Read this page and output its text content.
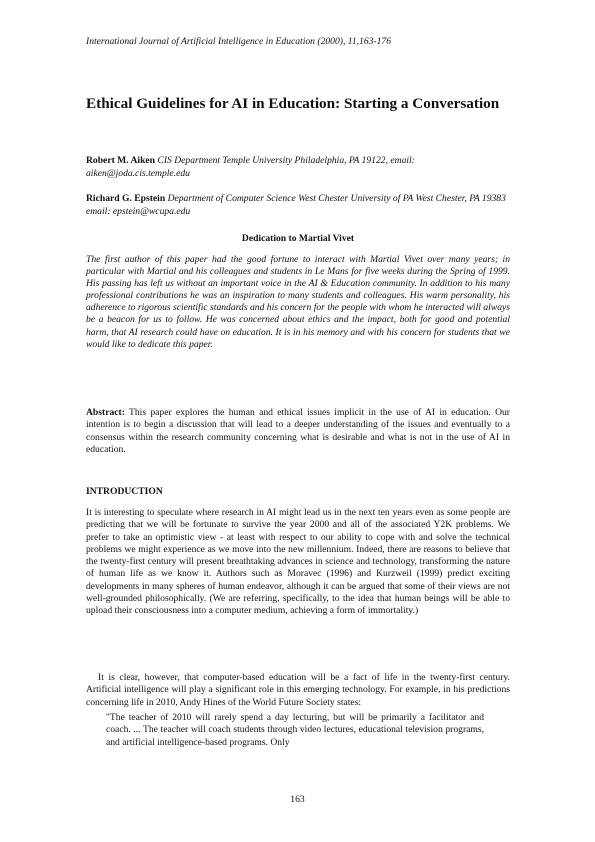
International Journal of Artificial Intelligence in Education (2000), 11,163-176
Ethical Guidelines for AI in Education: Starting a Conversation
Robert M. Aiken CIS Department Temple University Philadelphia, PA 19122, email: aiken@joda.cis.temple.edu
Richard G. Epstein Department of Computer Science West Chester University of PA West Chester, PA 19383 email: epstein@wcupa.edu
Dedication to Martial Vivet

The first author of this paper had the good fortune to interact with Martial Vivet over many years; in particular with Martial and his colleagues and students in Le Mans for five weeks during the Spring of 1999. His passing has left us without an important voice in the AI & Education community. In addition to his many professional contributions he was an inspiration to many students and colleagues. His warm personality, his adherence to rigorous scientific standards and his concern for the people with whom he interacted will always be a beacon for us to follow. He was concerned about ethics and the impact, both for good and potential harm, that AI research could have on education. It is in his memory and with his concern for students that we would like to dedicate this paper.

Abstract: This paper explores the human and ethical issues implicit in the use of AI in education. Our intention is to begin a discussion that will lead to a deeper understanding of the issues and eventually to a consensus within the research community concerning what is desirable and what is not in the use of AI in education.

INTRODUCTION

It is interesting to speculate where research in AI might lead us in the next ten years even as some people are predicting that we will be fortunate to survive the year 2000 and all of the associated Y2K problems. We prefer to take an optimistic view - at least with respect to our ability to cope with and solve the technical problems we might experience as we move into the new millennium. Indeed, there are reasons to believe that the twenty-first century will present breathtaking advances in science and technology, transforming the nature of human life as we know it. Authors such as Moravec (1996) and Kurzweil (1999) predict exciting developments in many spheres of human endeavor, although it can be argued that some of their views are not well-grounded philosophically. (We are referring, specifically, to the idea that human beings will be able to upload their consciousness into a computer medium, achieving a form of immortality.)

It is clear, however, that computer-based education will be a fact of life in the twenty-first century. Artificial intelligence will play a significant role in this emerging technology. For example, in his predictions concerning life in 2010, Andy Hines of the World Future Society states:

"The teacher of 2010 will rarely spend a day lecturing, but will be primarily a facilitator and coach. ... The teacher will coach students through video lectures, educational television programs, and artificial intelligence-based programs. Only

163
